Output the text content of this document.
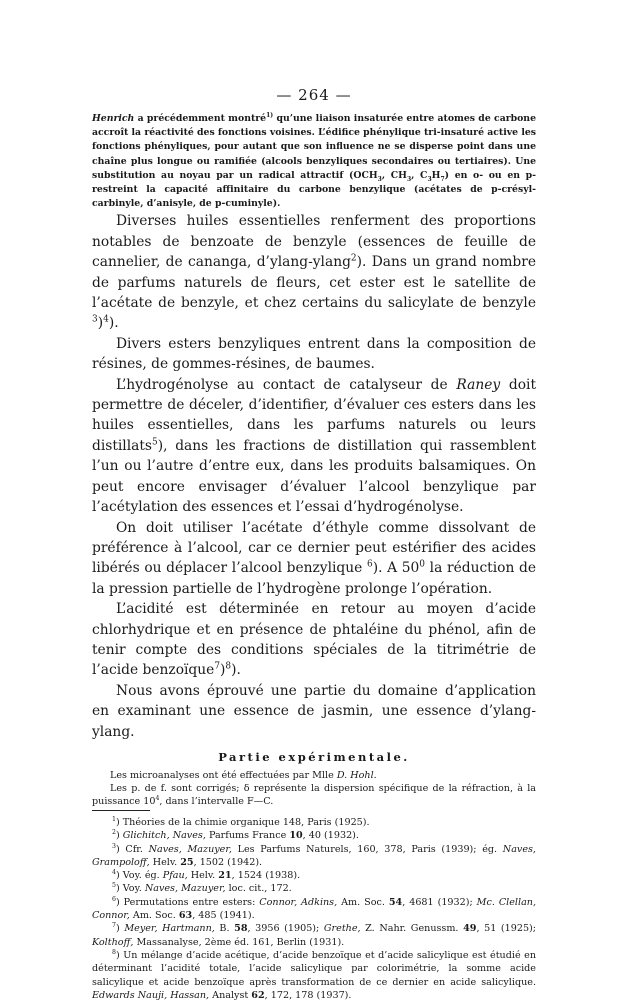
— 264 —

Henrich a précédemment montré$^{1)}$ qu’une liaison insaturée entre atomes de carbone accroît la réactivité des fonctions voisines. L’édifice phénylique tri-insaturé active les fonctions phényliques, pour autant que son influence ne se disperse point dans une chaîne plus longue ou ramifiée (alcools benzyliques secondaires ou tertiaires). Une substitution au noyau par un radical attractif ($OCH_3$, $CH_3$, $C_3H_7$) en o- ou en p- restreint la capacité affinitaire du carbone benzylique (acétates de p-crésyl-carbinyle, d’anisyle, de p-cuminyle).

Diverses huiles essentielles renferment des proportions notables de benzoate de benzyle (essences de feuille de cannelier, de cananga, d’ylang-ylang$^2$). Dans un grand nombre de parfums naturels de fleurs, cet ester est le satellite de l’acétate de benzyle, et chez certains du salicylate de benzyle $^3$)$^4$).

Divers esters benzyliques entrent dans la composition de résines, de gommes-résines, de baumes.

L’hydrogénolyse au contact de catalyseur de Raney doit permettre de déceler, d’identifier, d’évaluer ces esters dans les huiles essentielles, dans les parfums naturels ou leurs distillats$^5$), dans les fractions de distillation qui rassemblent l’un ou l’autre d’entre eux, dans les produits balsamiques. On peut encore envisager d’évaluer l’alcool benzylique par l’acétylation des essences et l’essai d’hydrogénolyse.

On doit utiliser l’acétate d’éthyle comme dissolvant de préférence à l’alcool, car ce dernier peut estérifier des acides libérés ou déplacer l’alcool benzylique $^6$). A $50^0$ la réduction de la pression partielle de l’hydrogène prolonge l’opération.

L’acidité est déterminée en retour au moyen d’acide chlorhydrique et en présence de phtaléine du phénol, afin de tenir compte des conditions spéciales de la titrimétrie de l’acide benzoïque$^7$)$^8$).

Nous avons éprouvé une partie du domaine d’application en examinant une essence de jasmin, une essence d’ylang-ylang.

Partie expérimentale.

Les microanalyses ont été effectuées par Mlle D. Hohl.

Les p. de f. sont corrigés; δ représente la dispersion spécifique de la réfraction, à la puissance $10^4$, dans l’intervalle F—C.

$^1$) Théories de la chimie organique 148, Paris (1925).

$^2$) Glichitch, Naves, Parfums France 10, 40 (1932).

$^3$) Cfr. Naves, Mazuyer, Les Parfums Naturels, 160, 378, Paris (1939); ég. Naves, Grampoloff, Helv. 25, 1502 (1942).

$^4$) Voy. ég. Pfau, Helv. 21, 1524 (1938).

$^5$) Voy. Naves, Mazuyer, loc. cit., 172.

$^6$) Permutations entre esters: Connor, Adkins, Am. Soc. 54, 4681 (1932); Mc. Clellan, Connor, Am. Soc. 63, 485 (1941).

$^7$) Meyer, Hartmann, B. 58, 3956 (1905); Grethe, Z. Nahr. Genussm. 49, 51 (1925); Kolthoff, Massanalyse, 2ème éd. 161, Berlin (1931).

$^8$) Un mélange d’acide acétique, d’acide benzoïque et d’acide salicylique est étudié en déterminant l’acidité totale, l’acide salicylique par colorimétrie, la somme acide salicylique et acide benzoïque après transformation de ce dernier en acide salicylique. Edwards Nauji, Hassan, Analyst 62, 172, 178 (1937).
